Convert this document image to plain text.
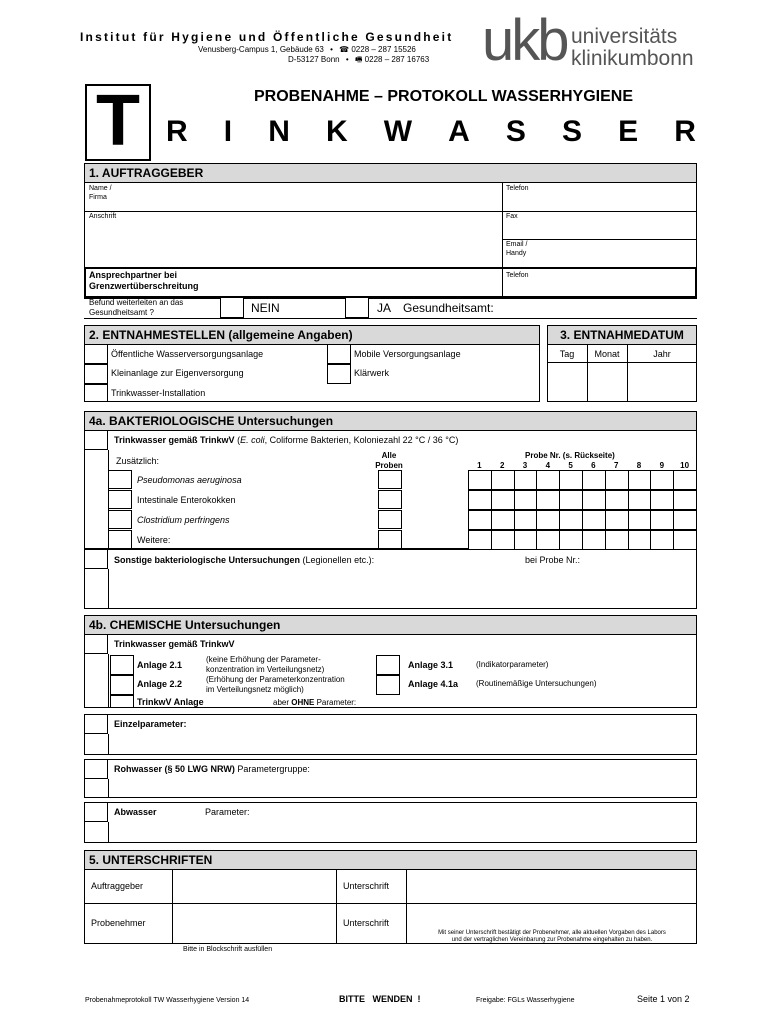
Institut für Hygiene und Öffentliche Gesundheit
Venusberg-Campus 1, Gebäude 63 • ☎ 0228 – 287 15526
D-53127 Bonn • 🖷 0228 – 287 16763 ukb universitäts
klinikumbonn
T	PROBENAHME – PROTOKOLL WASSERHYGIENE
R I N K W A S S E R
1. AUFTRAGGEBER
Name /
Firma
Telefon
Anschrift	Fax
Email /
Handy
Ansprechpartner bei
Grenzwertüberschreitung
Telefon
Befund weiterleiten an das
Gesundheitsamt ?	NEIN	JA Gesundheitsamt:
2. ENTNAHMESTELLEN (allgemeine Angaben)
Öffentliche Wasserversorgungsanlage	Mobile Versorgungsanlage
Kleinanlage zur Eigenversorgung	Klärwerk
Trinkwasser-Installation
3. ENTNAHMEDATUM
Tag	Monat	Jahr
4a. BAKTERIOLOGISCHE Untersuchungen
Trinkwasser gemäß TrinkwV (E. coli, Coliforme Bakterien, Koloniezahl 22 °C / 36 °C)
Zusätzlich:
Alle
Proben
Probe Nr. (s. Rückseite)
1	2	3	4	5	6	7	8	9	10
Pseudomonas aeruginosa
Intestinale Enterokokken
Clostridium perfringens
Weitere:
Sonstige bakteriologische Untersuchungen (Legionellen etc.):	bei Probe Nr.:
4b. CHEMISCHE Untersuchungen
Trinkwasser gemäß TrinkwV
Anlage 2.1
(keine Erhöhung der Parameter-
konzentration im Verteilungsnetz)
Anlage 2.2	(Erhöhung der Parameterkonzentration
im Verteilungsnetz möglich)
Anlage 3.1	(Indikatorparameter)
Anlage 4.1a (Routinemäßige Untersuchungen)
TrinkwV Anlage	aber OHNE Parameter:
Einzelparameter:
Rohwasser (§ 50 LWG NRW) Parametergruppe:
Abwasser	Parameter:
5. UNTERSCHRIFTEN
Auftraggeber	Unterschrift
Probenehmer	Unterschrift
Mit seiner Unterschrift bestätigt der Probenehmer, alle aktuellen Vorgaben des Labors
und der vertraglichen Vereinbarung zur Probenahme eingehalten zu haben.
Bitte in Blockschrift ausfüllen
Probenahmeprotokoll TW Wasserhygiene Version 14	BITTE   WENDEN  !	Freigabe: FGLs Wasserhygiene	Seite 1 von 2
